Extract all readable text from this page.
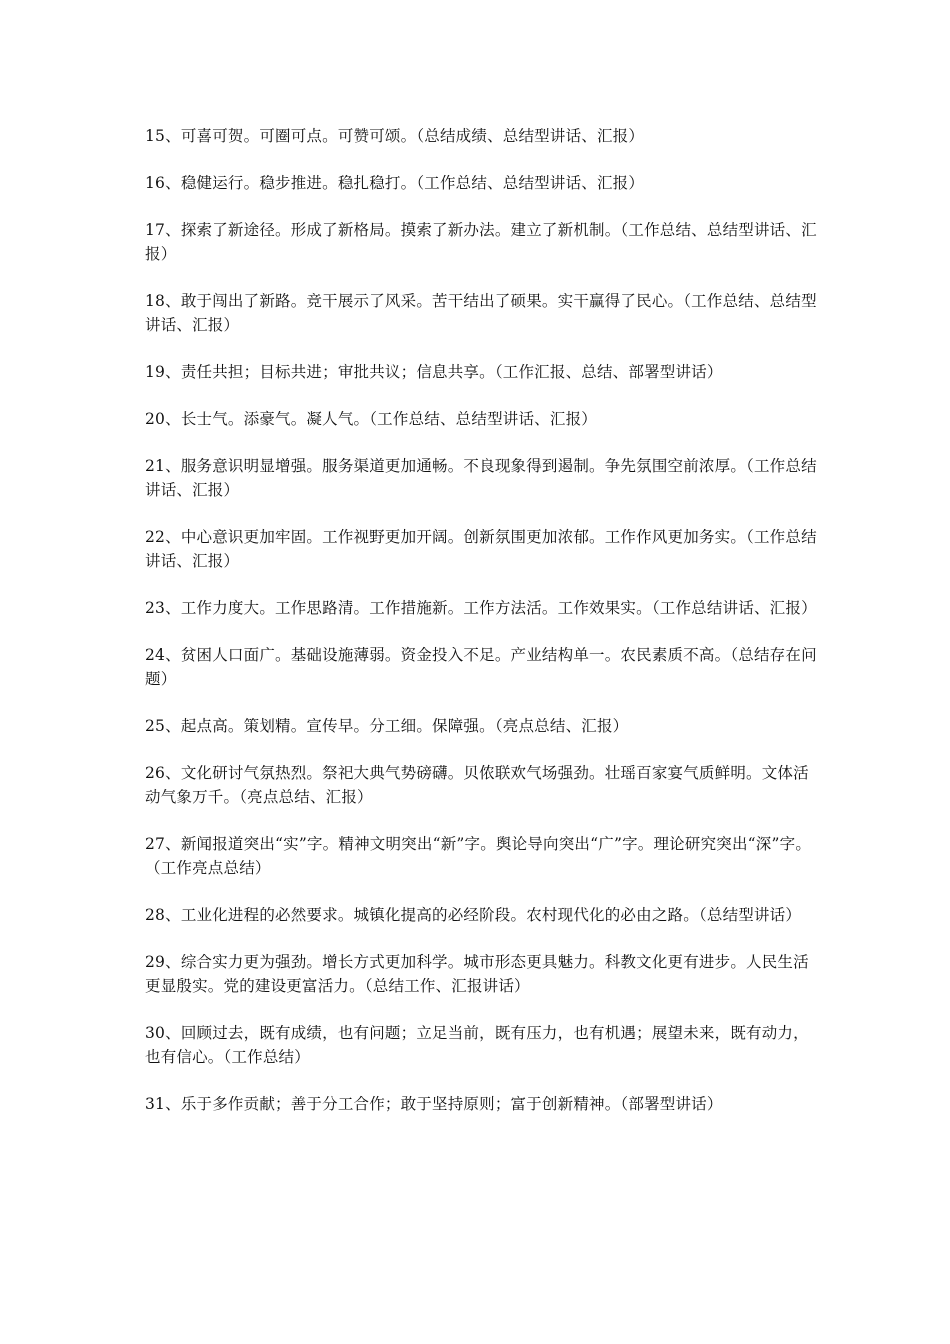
15、可喜可贺。可圈可点。可赞可颂。（总结成绩、总结型讲话、汇报）

16、稳健运行。稳步推进。稳扎稳打。（工作总结、总结型讲话、汇报）

17、探索了新途径。形成了新格局。摸索了新办法。建立了新机制。（工作总结、总结型讲话、汇报）

18、敢于闯出了新路。竞干展示了风采。苦干结出了硕果。实干赢得了民心。（工作总结、总结型讲话、汇报）

19、责任共担；目标共进；审批共议；信息共享。（工作汇报、总结、部署型讲话）

20、长士气。添豪气。凝人气。（工作总结、总结型讲话、汇报）

21、服务意识明显增强。服务渠道更加通畅。不良现象得到遏制。争先氛围空前浓厚。（工作总结讲话、汇报）

22、中心意识更加牢固。工作视野更加开阔。创新氛围更加浓郁。工作作风更加务实。（工作总结讲话、汇报）

23、工作力度大。工作思路清。工作措施新。工作方法活。工作效果实。（工作总结讲话、汇报）

24、贫困人口面广。基础设施薄弱。资金投入不足。产业结构单一。农民素质不高。（总结存在问题）

25、起点高。策划精。宣传早。分工细。保障强。（亮点总结、汇报）

26、文化研讨气氛热烈。祭祀大典气势磅礴。贝侬联欢气场强劲。壮瑶百家宴气质鲜明。文体活动气象万千。（亮点总结、汇报）

27、新闻报道突出“实”字。精神文明突出“新”字。舆论导向突出“广”字。理论研究突出“深”字。（工作亮点总结）

28、工业化进程的必然要求。城镇化提高的必经阶段。农村现代化的必由之路。（总结型讲话）

29、综合实力更为强劲。增长方式更加科学。城市形态更具魅力。科教文化更有进步。人民生活更显殷实。党的建设更富活力。（总结工作、汇报讲话）

30、回顾过去，既有成绩，也有问题；立足当前，既有压力，也有机遇；展望未来，既有动力，也有信心。（工作总结）

31、乐于多作贡献；善于分工合作；敢于坚持原则；富于创新精神。（部署型讲话）
